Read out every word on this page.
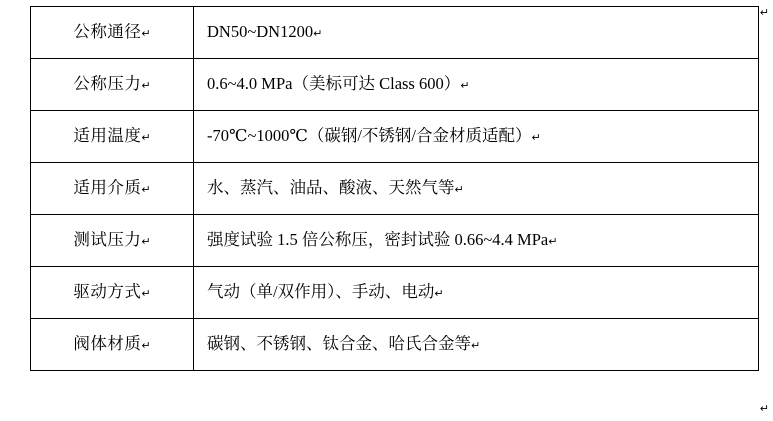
↵
公称通径↵	DN50~DN1200↵
公称压力↵	0.6~4.0 MPa（美标可达 Class 600）↵
适用温度↵	-70℃~1000℃（碳钢/不锈钢/合金材质适配）↵
适用介质↵	水、蒸汽、油品、酸液、天然气等↵
测试压力↵	强度试验 1.5 倍公称压，密封试验 0.66~4.4 MPa↵
驱动方式↵	气动（单/双作用）、手动、电动↵
阀体材质↵	碳钢、不锈钢、钛合金、哈氏合金等↵
↵
